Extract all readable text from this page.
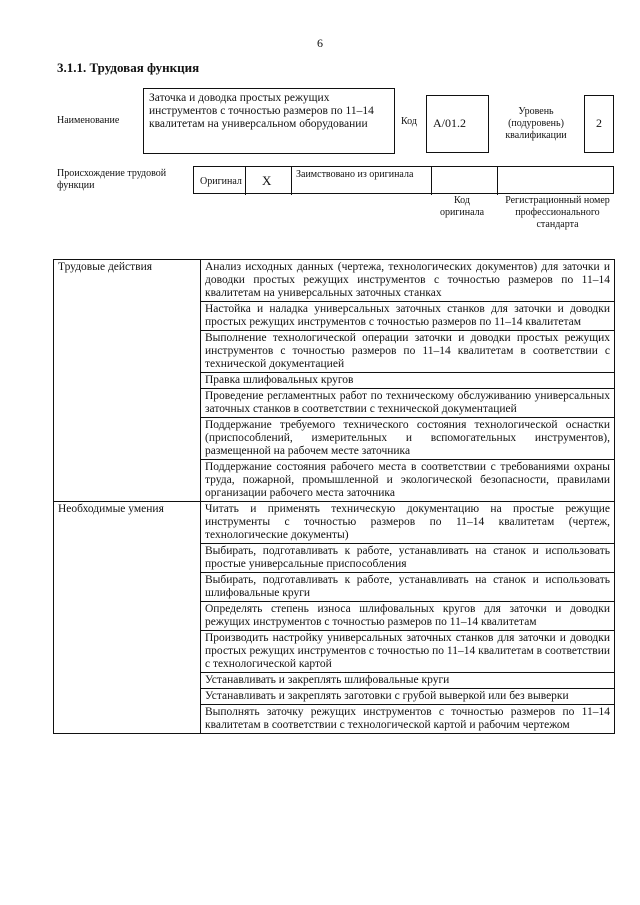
6
3.1.1. Трудовая функция
Наименование
Заточка и доводка простых режущих инструментов с точностью размеров по 11–14 квалитетам на универсальном оборудовании	Код	A/01.2
Уровень (подуровень) квалификации
2
Происхождение трудовой функции	Оригинал X Заимствовано из оригинала
Код оригинала
Регистрационный номер профессионального стандарта
Трудовые действия	Анализ исходных данных (чертежа, технологических документов) для заточки и доводки простых режущих инструментов с точностью размеров по 11–14 квалитетам на универсальных заточных станках
	Настойка и наладка универсальных заточных станков для заточки и доводки простых режущих инструментов с точностью размеров по 11–14 квалитетам
	Выполнение технологической операции заточки и доводки простых режущих инструментов с точностью размеров по 11–14 квалитетам в соответствии с технической документацией
	Правка шлифовальных кругов
	Проведение регламентных работ по техническому обслуживанию универсальных заточных станков в соответствии с технической документацией
	Поддержание требуемого технического состояния технологической оснастки (приспособлений, измерительных и вспомогательных инструментов), размещенной на рабочем месте заточника
	Поддержание состояния рабочего места в соответствии с требованиями охраны труда, пожарной, промышленной и экологической безопасности, правилами организации рабочего места заточника
Необходимые умения	Читать и применять техническую документацию на простые режущие инструменты с точностью размеров по 11–14 квалитетам (чертеж, технологические документы)
	Выбирать, подготавливать к работе, устанавливать на станок и использовать простые универсальные приспособления
	Выбирать, подготавливать к работе, устанавливать на станок и использовать шлифовальные круги
	Определять степень износа шлифовальных кругов для заточки и доводки режущих инструментов с точностью размеров по 11–14 квалитетам
	Производить настройку универсальных заточных станков для заточки и доводки простых режущих инструментов с точностью по 11–14 квалитетам в соответствии с технологической картой
	Устанавливать и закреплять шлифовальные круги
	Устанавливать и закреплять заготовки с грубой выверкой или без выверки
	Выполнять заточку режущих инструментов с точностью размеров по 11–14 квалитетам в соответствии с технологической картой и рабочим чертежом
